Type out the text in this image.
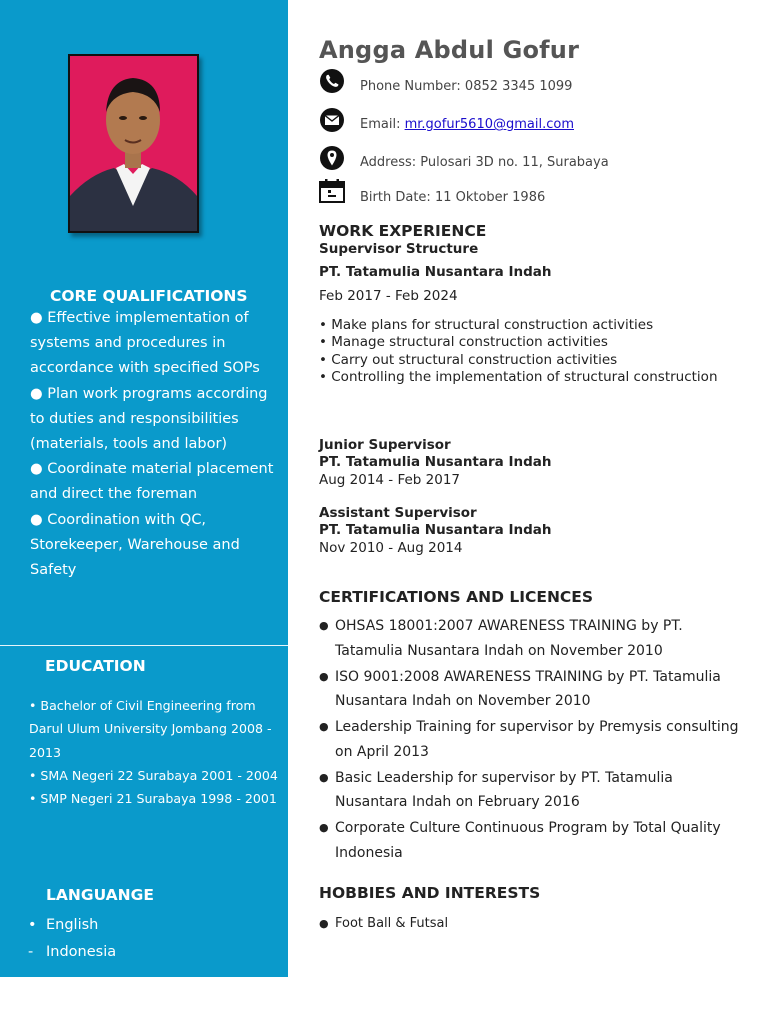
CORE QUALIFICATIONS
● Effective implementation of systems and procedures in accordance with specified SOPs
● Plan work programs according to duties and responsibilities (materials, tools and labor)
● Coordinate material placement and direct the foreman
● Coordination with QC, Storekeeper, Warehouse and Safety
EDUCATION
• Bachelor of Civil Engineering from Darul Ulum University Jombang 2008 - 2013
• SMA Negeri 22 Surabaya 2001 - 2004
• SMP Negeri 21 Surabaya 1998 - 2001
LANGUANGE
• English
- Indonesia
Angga Abdul Gofur
Phone Number: 0852 3345 1099
Email: mr.gofur5610@gmail.com
Address: Pulosari 3D no. 11, Surabaya
Birth Date: 11 Oktober 1986
WORK EXPERIENCE
Supervisor Structure
PT. Tatamulia Nusantara Indah
Feb 2017 - Feb 2024
• Make plans for structural construction activities
• Manage structural construction activities
• Carry out structural construction activities
• Controlling the implementation of structural construction
Junior Supervisor
PT. Tatamulia Nusantara Indah
Aug 2014 - Feb 2017
Assistant Supervisor
PT. Tatamulia Nusantara Indah
Nov 2010 - Aug 2014
CERTIFICATIONS AND LICENCES
● OHSAS 18001:2007 AWARENESS TRAINING by PT. Tatamulia Nusantara Indah on November 2010
● ISO 9001:2008 AWARENESS TRAINING by PT. Tatamulia Nusantara Indah on November 2010
● Leadership Training for supervisor by Premysis consulting on April 2013
● Basic Leadership for supervisor by PT. Tatamulia Nusantara Indah on February 2016
● Corporate Culture Continuous Program by Total Quality Indonesia
HOBBIES AND INTERESTS
● Foot Ball & Futsal
